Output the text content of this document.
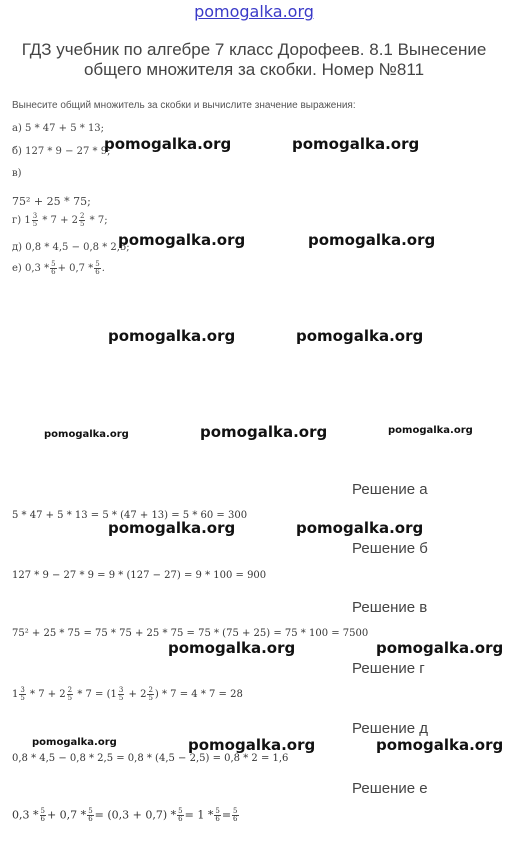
pomogalka.org
ГДЗ учебник по алгебре 7 класс Дорофеев. 8.1 Вынесение общего множителя за скобки. Номер №811
Вынесите общий множитель за скобки и вычислите значение выражения:
а) 5 * 47 + 5 * 13;
б) 127 * 9 − 27 * 9;
в)
75² + 25 * 75;
г) $1 \frac{3}{5} * 7 + 2 \frac{2}{5} * 7$;
д) 0,8 * 4,5 − 0,8 * 2,5;
е) $0,3 * \frac{5}{6} + 0,7 * \frac{5}{6}$ .
pomogalka.org	pomogalka.org
pomogalka.org	pomogalka.org
pomogalka.org	pomogalka.org
pomogalka.org	pomogalka.org	pomogalka.org
pomogalka.org	pomogalka.org
pomogalka.org	pomogalka.org
pomogalka.org	pomogalka.org	pomogalka.org
Решение а
5 * 47 + 5 * 13 = 5 * (47 + 13) = 5 * 60 = 300
Решение б
127 * 9 − 27 * 9 = 9 * (127 − 27) = 9 * 100 = 900
Решение в
75² + 25 * 75 = 75 * 75 + 25 * 75 = 75 * (75 + 25) = 75 * 100 = 7500
Решение г
$1 \frac{3}{5} * 7 + 2 \frac{2}{5} * 7 = (1 \frac{3}{5} + 2 \frac{2}{5}$ ) * 7 = 4 * 7 = 28
Решение д
0,8 * 4,5 − 0,8 * 2,5 = 0,8 * (4,5 − 2,5) = 0,8 * 2 = 1,6
Решение е
$0,3 * \frac{5}{6} + 0,7 * \frac{5}{6} = (0,3 + 0,7) * \frac{5}{6} = 1 * \frac{5}{6} = \frac{5}{6}$
